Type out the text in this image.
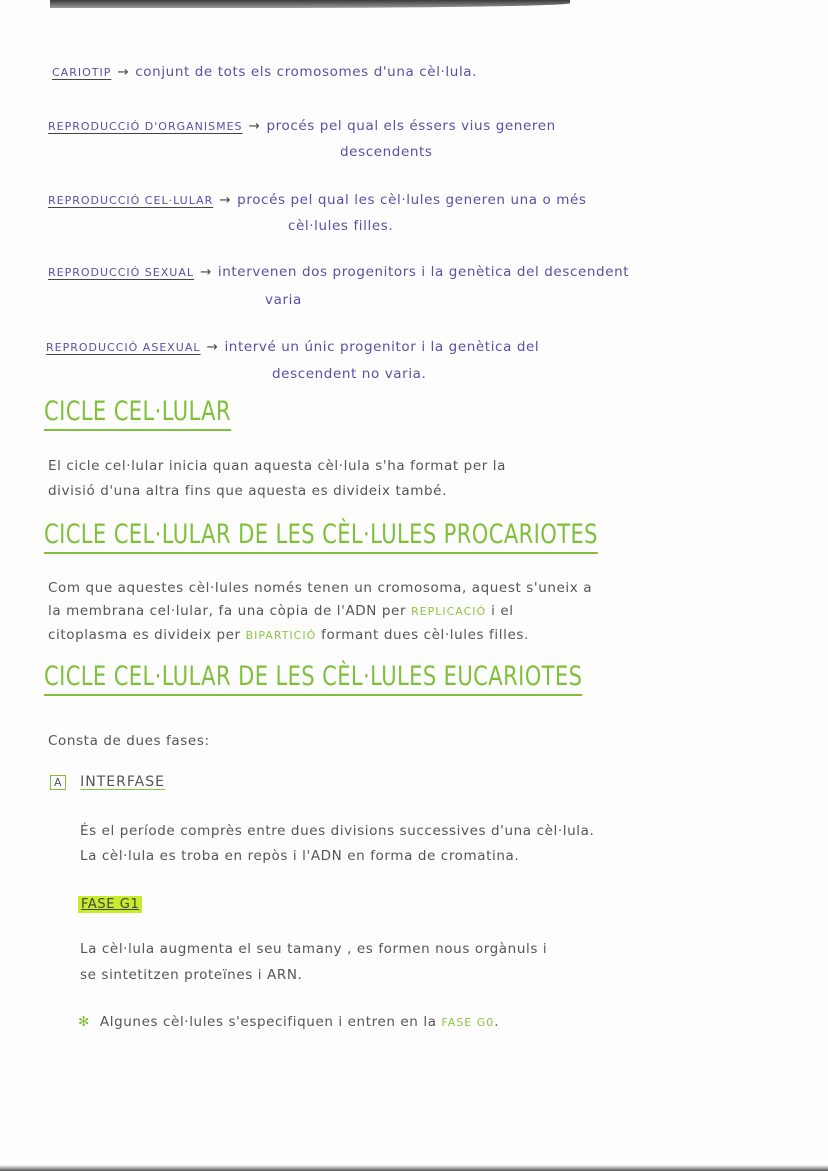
CARIOTIP → conjunt de tots els cromosomes d'una cèl·lula.
REPRODUCCIÓ D'ORGANISMES → procés pel qual els éssers vius generen
descendents
REPRODUCCIÓ CEL·LULAR → procés pel qual les cèl·lules generen una o més
cèl·lules filles.
REPRODUCCIÓ SEXUAL → intervenen dos progenitors i la genètica del descendent
varia
REPRODUCCIÓ ASEXUAL → intervé un únic progenitor i la genètica del
descendent no varia.
CICLE CEL·LULAR
El cicle cel·lular inicia quan aquesta cèl·lula s'ha format per la
divisió d'una altra fins que aquesta es divideix també.
CICLE CEL·LULAR DE LES CÈL·LULES PROCARIOTES
Com que aquestes cèl·lules només tenen un cromosoma, aquest s'uneix a
la membrana cel·lular, fa una còpia de l'ADN per REPLICACIÓ i el
citoplasma es divideix per BIPARTICIÓ formant dues cèl·lules filles.
CICLE CEL·LULAR DE LES CÈL·LULES EUCARIOTES
Consta de dues fases:
A INTERFASE
És el període comprès entre dues divisions successives d'una cèl·lula.
La cèl·lula es troba en repòs i l'ADN en forma de cromatina.
FASE G1
La cèl·lula augmenta el seu tamany , es formen nous orgànuls i
se sintetitzen proteïnes i ARN.
✻ Algunes cèl·lules s'especifiquen i entren en la FASE G0.
